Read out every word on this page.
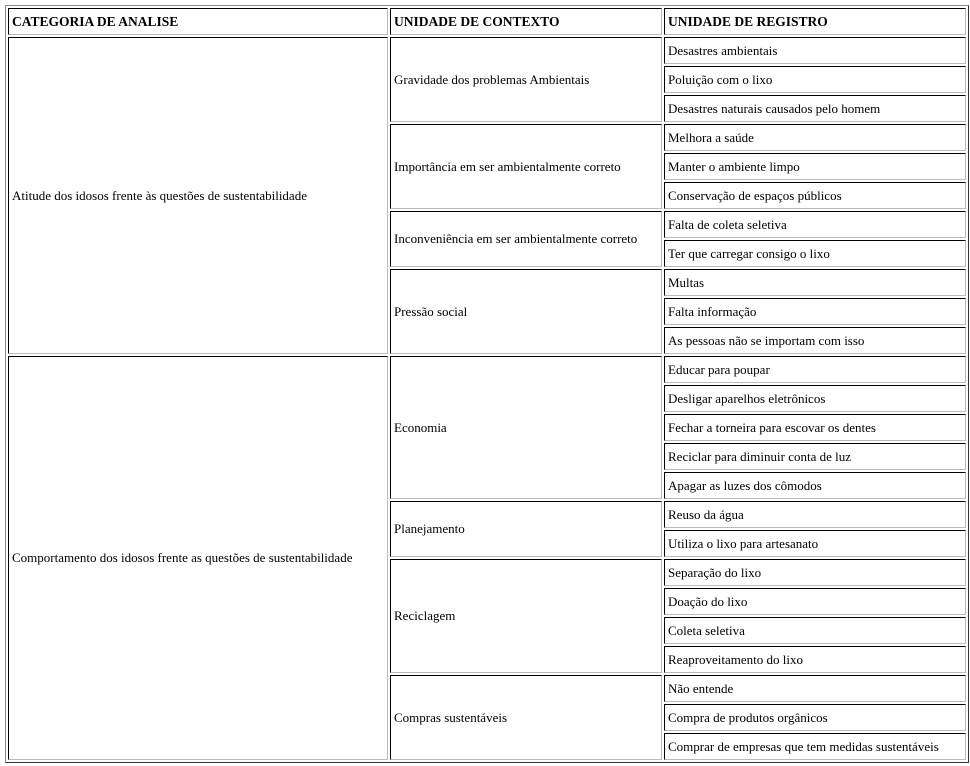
CATEGORIA DE ANALISE	UNIDADE DE CONTEXTO	UNIDADE DE REGISTRO
Atitude dos idosos frente às questões de sustentabilidade	Gravidade dos problemas Ambientais	Desastres ambientais
		Poluição com o lixo
		Desastres naturais causados pelo homem
	Importância em ser ambientalmente correto	Melhora a saúde
		Manter o ambiente limpo
		Conservação de espaços públicos
	Inconveniência em ser ambientalmente correto	Falta de coleta seletiva
		Ter que carregar consigo o lixo
	Pressão social	Multas
		Falta informação
		As pessoas não se importam com isso
Comportamento dos idosos frente as questões de sustentabilidade	Economia	Educar para poupar
		Desligar aparelhos eletrônicos
		Fechar a torneira para escovar os dentes
		Reciclar para diminuir conta de luz
		Apagar as luzes dos cômodos
	Planejamento	Reuso da água
		Utiliza o lixo para artesanato
	Reciclagem	Separação do lixo
		Doação do lixo
		Coleta seletiva
		Reaproveitamento do lixo
	Compras sustentáveis	Não entende
		Compra de produtos orgânicos
		Comprar de empresas que tem medidas sustentáveis
